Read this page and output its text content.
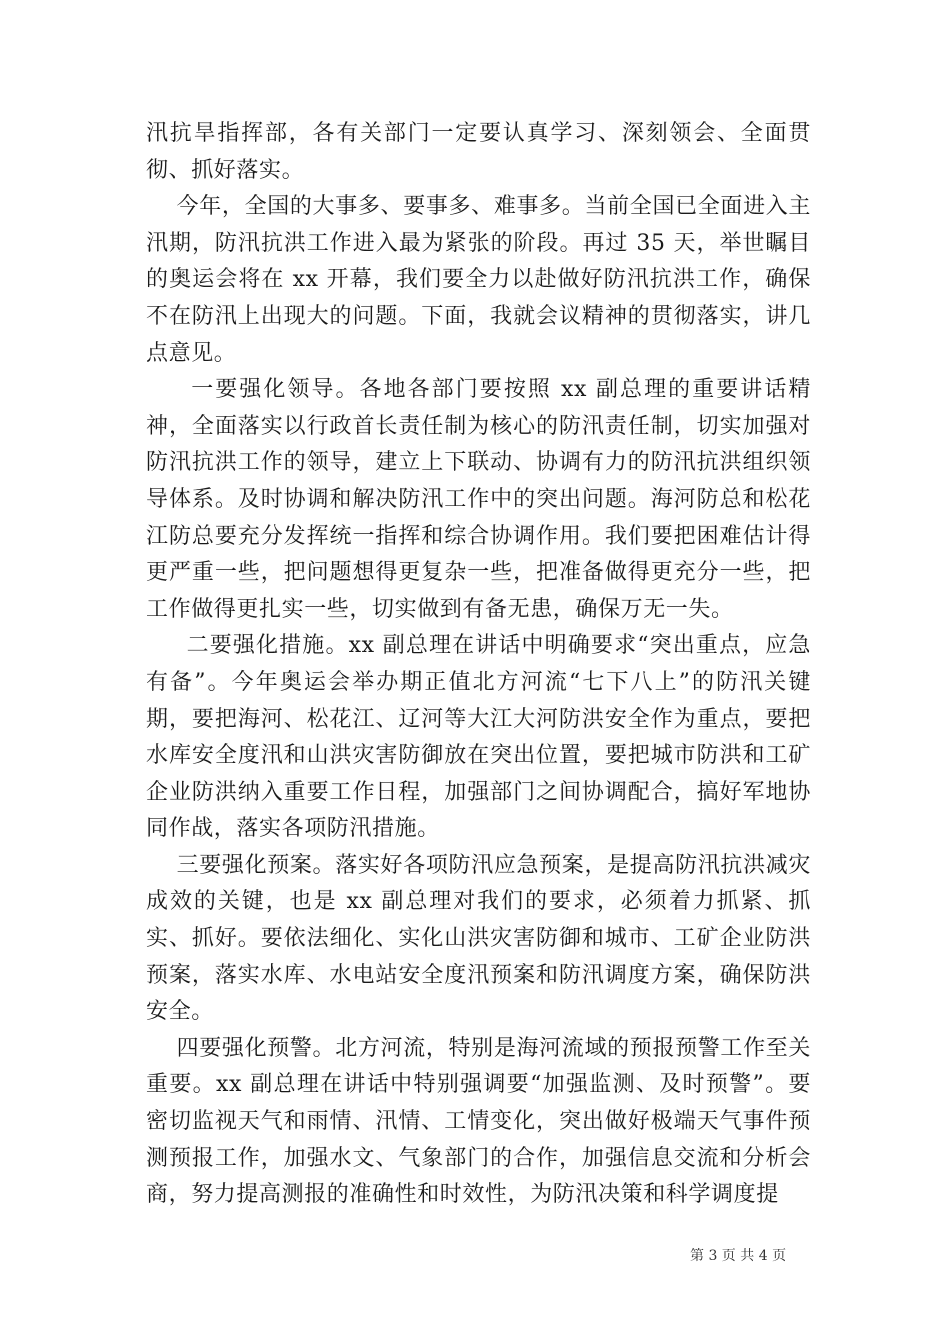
汛抗旱指挥部，各有关部门一定要认真学习、深刻领会、全面贯彻、抓好落实。

今年，全国的大事多、要事多、难事多。当前全国已全面进入主汛期，防汛抗洪工作进入最为紧张的阶段。再过 35 天，举世瞩目的奥运会将在 xx 开幕，我们要全力以赴做好防汛抗洪工作，确保不在防汛上出现大的问题。下面，我就会议精神的贯彻落实，讲几点意见。

一要强化领导。各地各部门要按照 xx 副总理的重要讲话精神，全面落实以行政首长责任制为核心的防汛责任制，切实加强对防汛抗洪工作的领导，建立上下联动、协调有力的防汛抗洪组织领导体系。及时协调和解决防汛工作中的突出问题。海河防总和松花江防总要充分发挥统一指挥和综合协调作用。我们要把困难估计得更严重一些，把问题想得更复杂一些，把准备做得更充分一些，把工作做得更扎实一些，切实做到有备无患，确保万无一失。

二要强化措施。xx 副总理在讲话中明确要求“突出重点，应急有备”。今年奥运会举办期正值北方河流“七下八上”的防汛关键期，要把海河、松花江、辽河等大江大河防洪安全作为重点，要把水库安全度汛和山洪灾害防御放在突出位置，要把城市防洪和工矿企业防洪纳入重要工作日程，加强部门之间协调配合，搞好军地协同作战，落实各项防汛措施。

三要强化预案。落实好各项防汛应急预案，是提高防汛抗洪减灾成效的关键，也是 xx 副总理对我们的要求，必须着力抓紧、抓实、抓好。要依法细化、实化山洪灾害防御和城市、工矿企业防洪预案，落实水库、水电站安全度汛预案和防汛调度方案，确保防洪安全。

四要强化预警。北方河流，特别是海河流域的预报预警工作至关重要。xx 副总理在讲话中特别强调要“加强监测、及时预警”。要密切监视天气和雨情、汛情、工情变化，突出做好极端天气事件预测预报工作，加强水文、气象部门的合作，加强信息交流和分析会商，努力提高测报的准确性和时效性，为防汛决策和科学调度提

第 3 页 共 4 页
